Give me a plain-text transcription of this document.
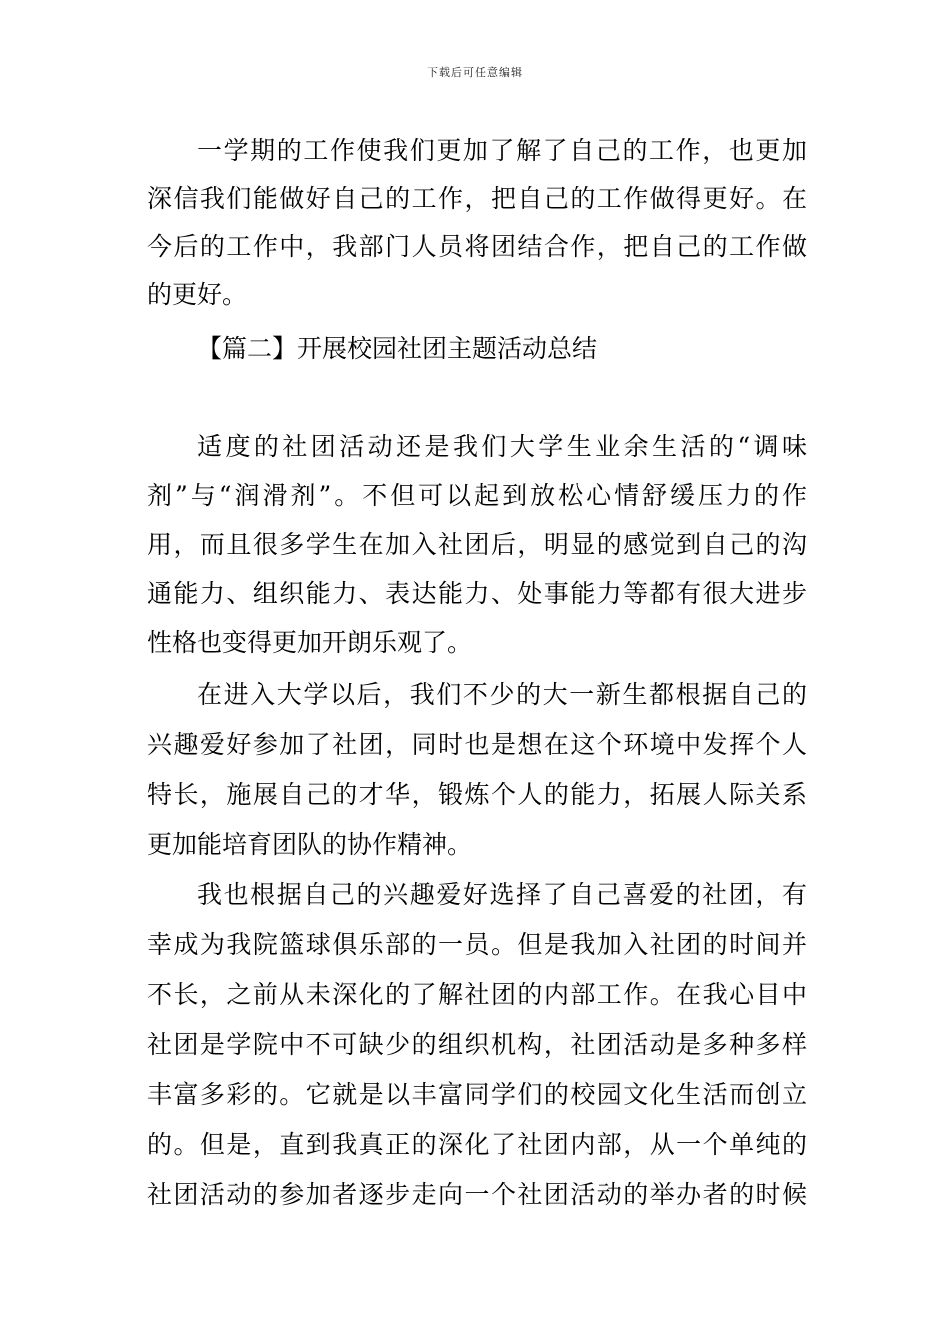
下载后可任意编辑
一学期的工作使我们更加了解了自己的工作，也更加
深信我们能做好自己的工作，把自己的工作做得更好。在
今后的工作中，我部门人员将团结合作，把自己的工作做
的更好。
【篇二】开展校园社团主题活动总结
适度的社团活动还是我们大学生业余生活的“调味
剂”与“润滑剂”。不但可以起到放松心情舒缓压力的作
用，而且很多学生在加入社团后，明显的感觉到自己的沟
通能力、组织能力、表达能力、处事能力等都有很大进步
性格也变得更加开朗乐观了。
在进入大学以后，我们不少的大一新生都根据自己的
兴趣爱好参加了社团，同时也是想在这个环境中发挥个人
特长，施展自己的才华，锻炼个人的能力，拓展人际关系
更加能培育团队的协作精神。
我也根据自己的兴趣爱好选择了自己喜爱的社团，有
幸成为我院篮球俱乐部的一员。但是我加入社团的时间并
不长，之前从未深化的了解社团的内部工作。在我心目中
社团是学院中不可缺少的组织机构，社团活动是多种多样
丰富多彩的。它就是以丰富同学们的校园文化生活而创立
的。但是，直到我真正的深化了社团内部，从一个单纯的
社团活动的参加者逐步走向一个社团活动的举办者的时候
